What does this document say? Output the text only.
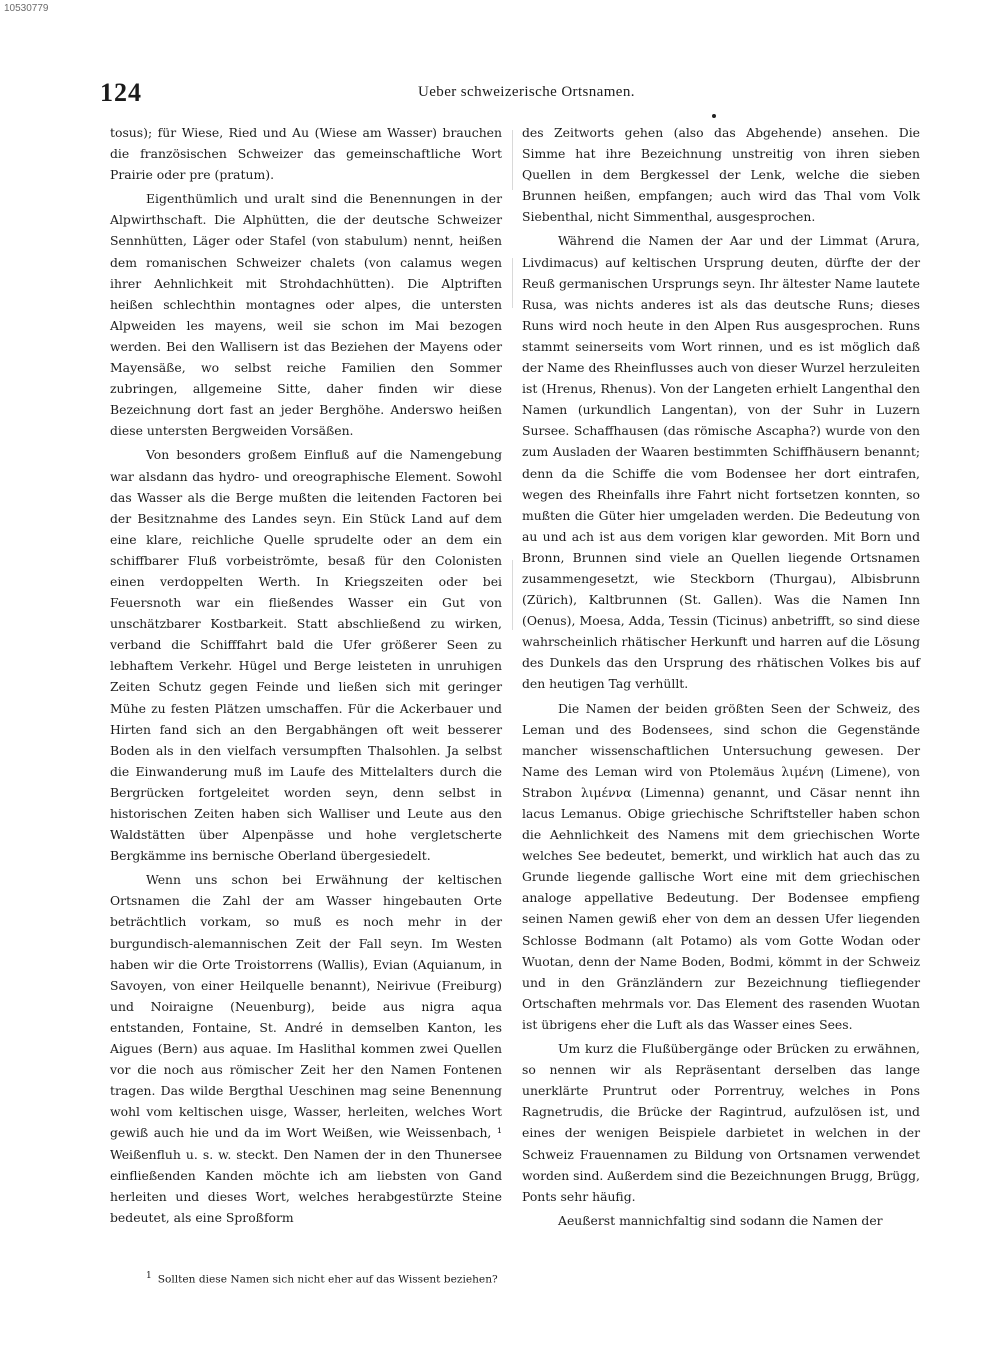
10530779
124	Ueber schweizerische Ortsnamen.

tosus); für Wiese, Ried und Au (Wiese am Wasser) brauchen die französischen Schweizer das gemeinschaftliche Wort Prairie oder pre (pratum).

Eigenthümlich und uralt sind die Benennungen in der Alpwirthschaft. Die Alphütten, die der deutsche Schweizer Sennhütten, Läger oder Stafel (von stabulum) nennt, heißen dem romanischen Schweizer chalets (von calamus wegen ihrer Aehnlichkeit mit Strohdachhütten). Die Alptriften heißen schlechthin montagnes oder alpes, die untersten Alpweiden les mayens, weil sie schon im Mai bezogen werden. Bei den Wallisern ist das Beziehen der Mayens oder Mayensäße, wo selbst reiche Familien den Sommer zubringen, allgemeine Sitte, daher finden wir diese Bezeichnung dort fast an jeder Berghöhe. Anderswo heißen diese untersten Bergweiden Vorsäßen.

Von besonders großem Einfluß auf die Namengebung war alsdann das hydro- und oreographische Element. Sowohl das Wasser als die Berge mußten die leitenden Factoren bei der Besitznahme des Landes seyn. Ein Stück Land auf dem eine klare, reichliche Quelle sprudelte oder an dem ein schiffbarer Fluß vorbeiströmte, besaß für den Colonisten einen verdoppelten Werth. In Kriegszeiten oder bei Feuersnoth war ein fließendes Wasser ein Gut von unschätzbarer Kostbarkeit. Statt abschließend zu wirken, verband die Schifffahrt bald die Ufer größerer Seen zu lebhaftem Verkehr. Hügel und Berge leisteten in unruhigen Zeiten Schutz gegen Feinde und ließen sich mit geringer Mühe zu festen Plätzen umschaffen. Für die Ackerbauer und Hirten fand sich an den Bergabhängen oft weit besserer Boden als in den vielfach versumpften Thalsohlen. Ja selbst die Einwanderung muß im Laufe des Mittelalters durch die Bergrücken fortgeleitet worden seyn, denn selbst in historischen Zeiten haben sich Walliser und Leute aus den Waldstätten über Alpenpässe und hohe vergletscherte Bergkämme ins bernische Oberland übergesiedelt.

Wenn uns schon bei Erwähnung der keltischen Ortsnamen die Zahl der am Wasser hingebauten Orte beträchtlich vorkam, so muß es noch mehr in der burgundisch-alemannischen Zeit der Fall seyn. Im Westen haben wir die Orte Troistorrens (Wallis), Evian (Aquianum, in Savoyen, von einer Heilquelle benannt), Neirivue (Freiburg) und Noiraigne (Neuenburg), beide aus nigra aqua entstanden, Fontaine, St. André in demselben Kanton, les Aigues (Bern) aus aquae. Im Haslithal kommen zwei Quellen vor die noch aus römischer Zeit her den Namen Fontenen tragen. Das wilde Bergthal Ueschinen mag seine Benennung wohl vom keltischen uisge, Wasser, herleiten, welches Wort gewiß auch hie und da im Wort Weißen, wie Weissenbach, ¹ Weißenfluh u. s. w. steckt. Den Namen der in den Thunersee einfließenden Kanden möchte ich am liebsten von Gand herleiten und dieses Wort, welches herabgestürzte Steine bedeutet, als eine Sproßform

des Zeitworts gehen (also das Abgehende) ansehen. Die Simme hat ihre Bezeichnung unstreitig von ihren sieben Quellen in dem Bergkessel der Lenk, welche die sieben Brunnen heißen, empfangen; auch wird das Thal vom Volk Siebenthal, nicht Simmenthal, ausgesprochen.

Während die Namen der Aar und der Limmat (Arura, Livdimacus) auf keltischen Ursprung deuten, dürfte der der Reuß germanischen Ursprungs seyn. Ihr ältester Name lautete Rusa, was nichts anderes ist als das deutsche Runs; dieses Runs wird noch heute in den Alpen Rus ausgesprochen. Runs stammt seinerseits vom Wort rinnen, und es ist möglich daß der Name des Rheinflusses auch von dieser Wurzel herzuleiten ist (Hrenus, Rhenus). Von der Langeten erhielt Langenthal den Namen (urkundlich Langentan), von der Suhr in Luzern Sursee. Schaffhausen (das römische Ascapha?) wurde von den zum Ausladen der Waaren bestimmten Schiffhäusern benannt; denn da die Schiffe die vom Bodensee her dort eintrafen, wegen des Rheinfalls ihre Fahrt nicht fortsetzen konnten, so mußten die Güter hier umgeladen werden. Die Bedeutung von au und ach ist aus dem vorigen klar geworden. Mit Born und Bronn, Brunnen sind viele an Quellen liegende Ortsnamen zusammengesetzt, wie Steckborn (Thurgau), Albisbrunn (Zürich), Kaltbrunnen (St. Gallen). Was die Namen Inn (Oenus), Moesa, Adda, Tessin (Ticinus) anbetrifft, so sind diese wahrscheinlich rhätischer Herkunft und harren auf die Lösung des Dunkels das den Ursprung des rhätischen Volkes bis auf den heutigen Tag verhüllt.

Die Namen der beiden größten Seen der Schweiz, des Leman und des Bodensees, sind schon die Gegenstände mancher wissenschaftlichen Untersuchung gewesen. Der Name des Leman wird von Ptolemäus λιμένη (Limene), von Strabon λιμέννα (Limenna) genannt, und Cäsar nennt ihn lacus Lemanus. Obige griechische Schriftsteller haben schon die Aehnlichkeit des Namens mit dem griechischen Worte welches See bedeutet, bemerkt, und wirklich hat auch das zu Grunde liegende gallische Wort eine mit dem griechischen analoge appellative Bedeutung. Der Bodensee empfieng seinen Namen gewiß eher von dem an dessen Ufer liegenden Schlosse Bodmann (alt Potamo) als vom Gotte Wodan oder Wuotan, denn der Name Boden, Bodmi, kömmt in der Schweiz und in den Gränzländern zur Bezeichnung tiefliegender Ortschaften mehrmals vor. Das Element des rasenden Wuotan ist übrigens eher die Luft als das Wasser eines Sees.

Um kurz die Flußübergänge oder Brücken zu erwähnen, so nennen wir als Repräsentant derselben das lange unerklärte Pruntrut oder Porrentruy, welches in Pons Ragnetrudis, die Brücke der Ragintrud, aufzulösen ist, und eines der wenigen Beispiele darbietet in welchen in der Schweiz Frauennamen zu Bildung von Ortsnamen verwendet worden sind. Außerdem sind die Bezeichnungen Brugg, Brügg, Ponts sehr häufig.

Aeußerst mannichfaltig sind sodann die Namen der

$^1$ Sollten diese Namen sich nicht eher auf das Wissent beziehen?
